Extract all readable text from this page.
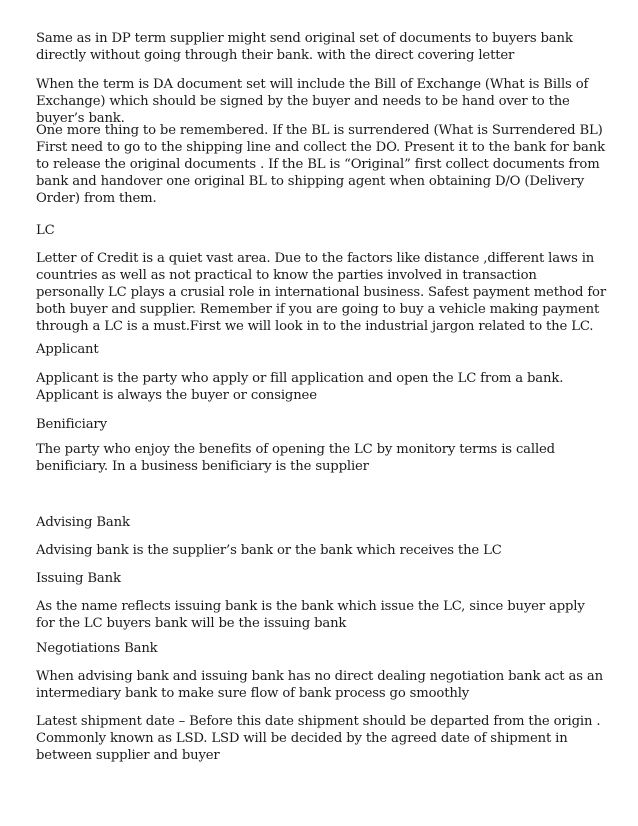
Same as in DP term supplier might send original set of documents to buyers bank directly without going through their bank. with the direct covering letter

When the term is DA document set will include the Bill of Exchange (What is Bills of Exchange) which should be signed by the buyer and needs to be hand over to the buyer’s bank.

One more thing to be remembered. If the BL is surrendered (What is Surrendered BL) First need to go to the shipping line and collect the DO. Present it to the bank for bank to release the original documents . If the BL is “Original” first collect documents from bank and handover one original BL to shipping agent when obtaining D/O (Delivery Order) from them.

LC

Letter of Credit is a quiet vast area. Due to the factors like distance ,different laws in countries as well as not practical to know the parties involved in transaction personally LC plays a crusial role in international business. Safest payment method for both buyer and supplier. Remember if you are going to buy a vehicle making payment through a LC is a must.First we will look in to the industrial jargon related to the LC.

Applicant

Applicant is the party who apply or fill application and open the LC from a bank. Applicant is always the buyer or consignee

Benificiary

The party who enjoy the benefits of opening the LC by monitory terms is called benificiary. In a business benificiary is the supplier

Advising Bank

Advising bank is the supplier’s bank or the bank which receives the LC

Issuing Bank

As the name reflects issuing bank is the bank which issue the LC, since buyer apply for the LC buyers bank will be the issuing bank

Negotiations Bank

When advising bank and issuing bank has no direct dealing negotiation bank act as an intermediary bank to make sure flow of bank process go smoothly

Latest shipment date – Before this date shipment should be departed from the origin . Commonly known as LSD. LSD will be decided by the agreed date of shipment in between supplier and buyer
